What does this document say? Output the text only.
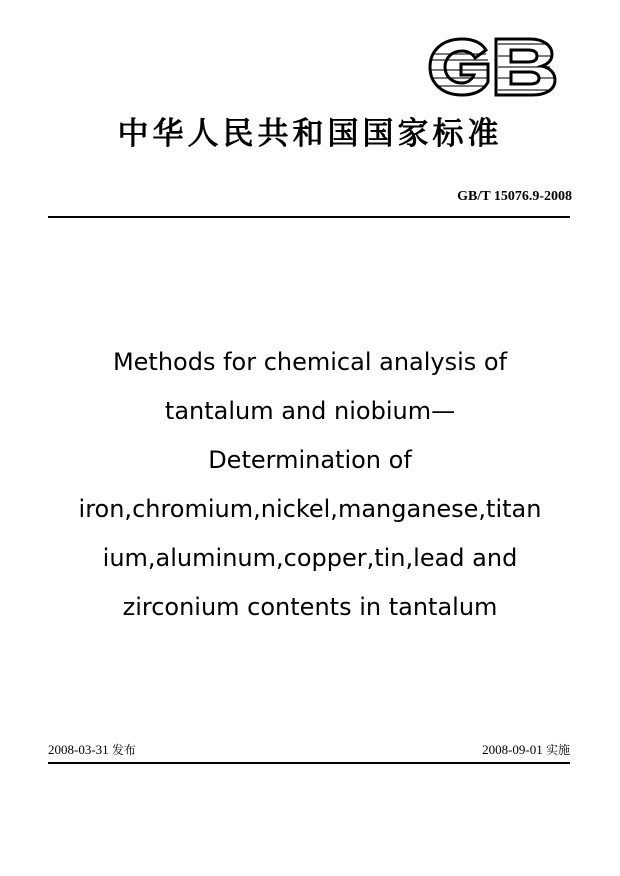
中华人民共和国国家标准
GB/T 15076.9-2008
Methods for chemical analysis of
tantalum and niobium—
Determination of
iron,chromium,nickel,manganese,titan
ium,aluminum,copper,tin,lead and
zirconium contents in tantalum
2008-03-31 发布	2008-09-01 实施
